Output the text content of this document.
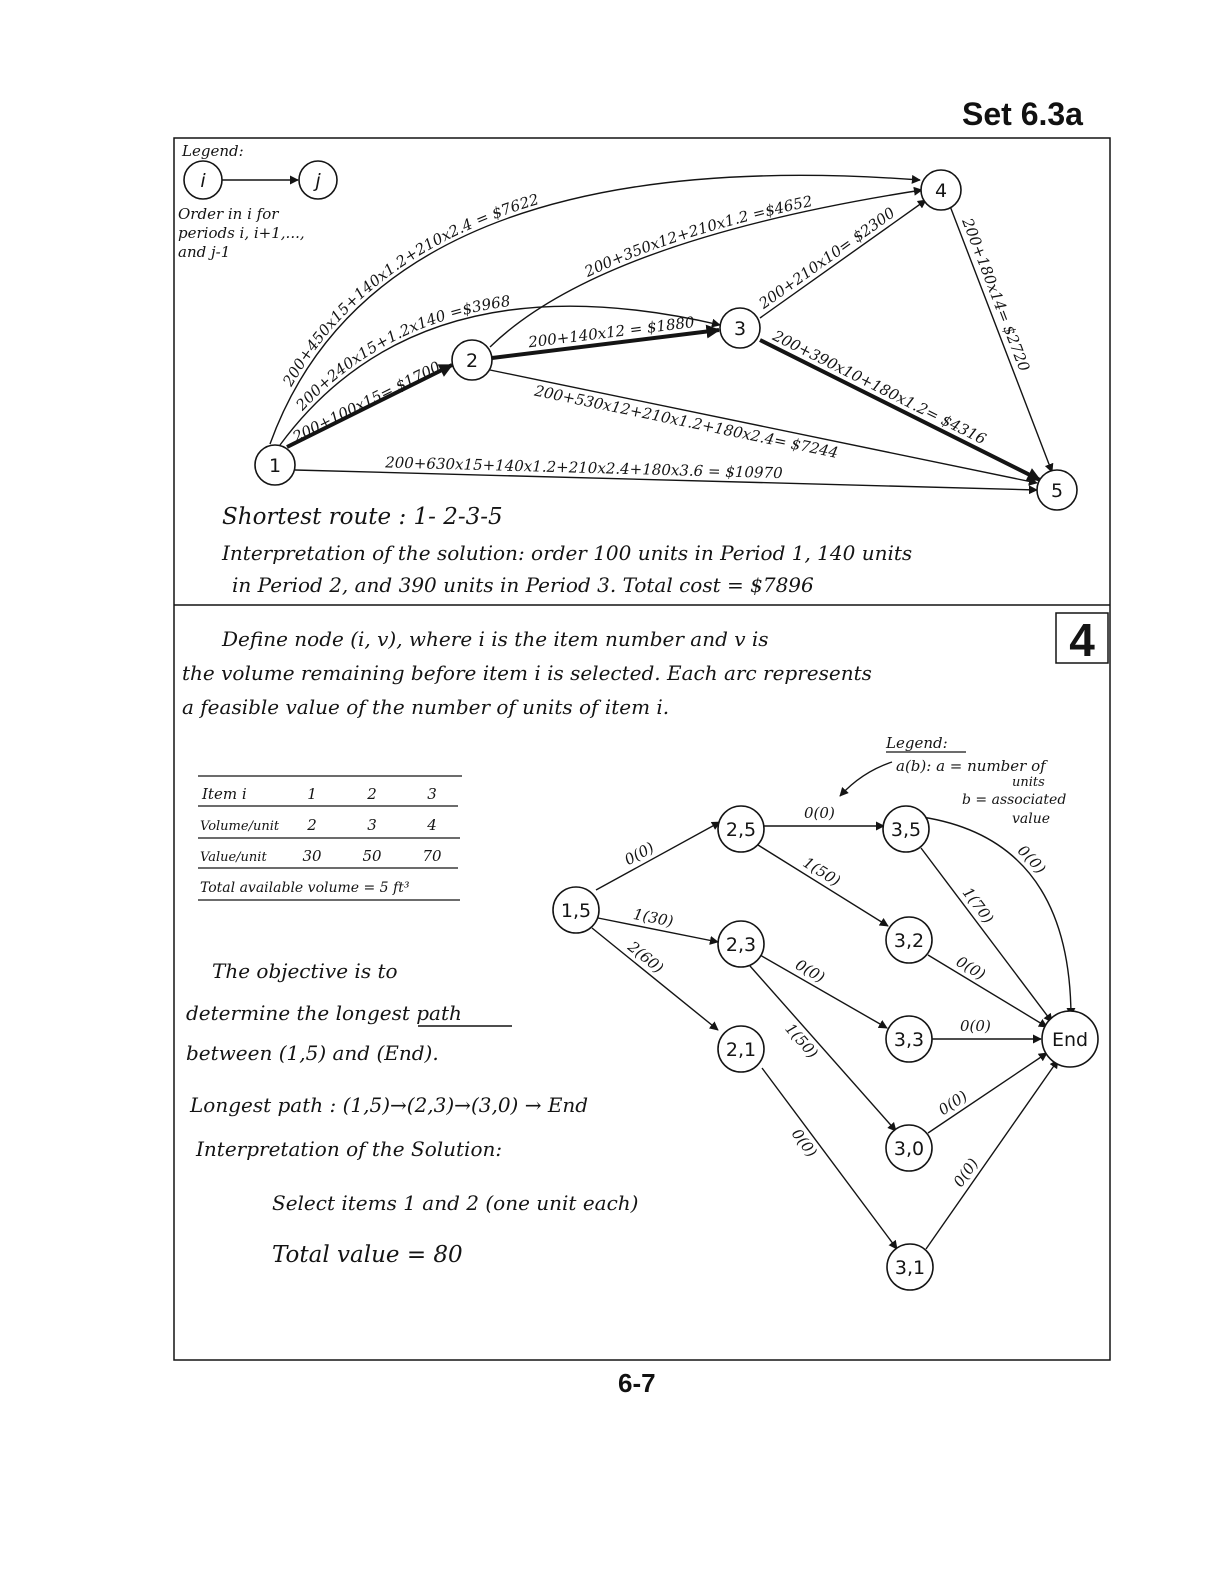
Set 6.3a
6-7
4
Legend:
i	j
Order in i for
periods i, i+1,...,
and j-1
200+100x15= $1700
200+240x15+1.2x140 =$3968
200+450x15+140x1.2+210x2.4 = $7622
200+630x15+140x1.2+210x2.4+180x3.6 = $10970
200+140x12 = $1880
200+350x12+210x1.2 =$4652
200+530x12+210x1.2+180x2.4= $7244
200+210x10= $2300
200+390x10+180x1.2= $4316
200+180x14= $2720
1
2
3
4
5
Shortest route : 1- 2-3-5
Interpretation of the solution: order 100 units in Period 1, 140 units
in Period 2, and 390 units in Period 3. Total cost = $7896
Define node (i, v), where i is the item number and v is
the volume remaining before item i is selected. Each arc represents
a feasible value of the number of units of item i.
Item i	1	2	3
Volume/unit 2	3	4
Value/unit 30	50	70
Total available volume = 5 ft³
The objective is to
determine the longest path
between (1,5) and (End).
Longest path : (1,5)→(2,3)→(3,0) → End
Interpretation of the Solution:
Select items 1 and 2 (one unit each)
Total value = 80
Legend:
a(b): a = number of
units
b = associated
value
0(0)
1(30)
2(60)
0(0)
1(50)
0(0)
1(50)
0(0)
0(0)
1(70)
0(0)
0(0)
0(0)
0(0)
1,5
2,5
2,3
2,1
3,5
3,2
3,3
3,0
3,1
End
